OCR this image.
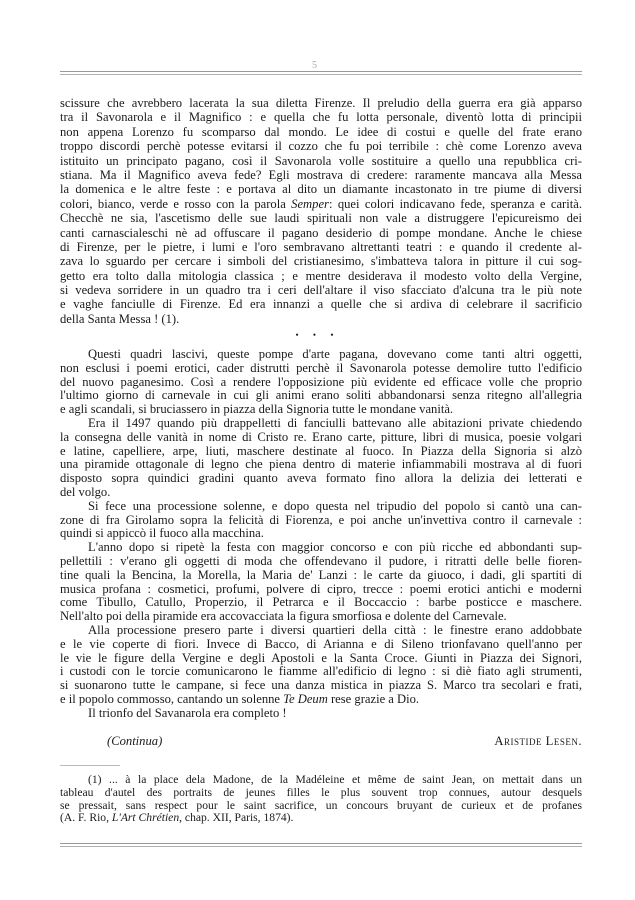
5
scissure che avrebbero lacerata la sua diletta Firenze. Il preludio della guerra era già apparso
tra il Savonarola e il Magnifico : e quella che fu lotta personale, diventò lotta di principii
non appena Lorenzo fu scomparso dal mondo. Le idee di costui e quelle del frate erano
troppo discordi perchè potesse evitarsi il cozzo che fu poi terribile : chè come Lorenzo aveva
istituito un principato pagano, così il Savonarola volle sostituire a quello una repubblica cri-
stiana. Ma il Magnifico aveva fede? Egli mostrava di credere: raramente mancava alla Messa
la domenica e le altre feste : e portava al dito un diamante incastonato in tre piume di diversi
colori, bianco, verde e rosso con la parola Semper: quei colori indicavano fede, speranza e carità.
Checchè ne sia, l'ascetismo delle sue laudi spirituali non vale a distruggere l'epicureismo dei
canti carnascialeschi nè ad offuscare il pagano desiderio di pompe mondane. Anche le chiese
di Firenze, per le pietre, i lumi e l'oro sembravano altrettanti teatri : e quando il credente al-
zava lo sguardo per cercare i simboli del cristianesimo, s'imbatteva talora in pitture il cui sog-
getto era tolto dalla mitologia classica ; e mentre desiderava il modesto volto della Vergine,
si vedeva sorridere in un quadro tra i ceri dell'altare il viso sfacciato d'alcuna tra le più note
e vaghe fanciulle di Firenze. Ed era innanzi a quelle che si ardiva di celebrare il sacrificio
della Santa Messa ! (1).
• • •
Questi quadri lascivi, queste pompe d'arte pagana, dovevano come tanti altri oggetti,
non esclusi i poemi erotici, cader distrutti perchè il Savonarola potesse demolire tutto l'edificio
del nuovo paganesimo. Così a rendere l'opposizione più evidente ed efficace volle che proprio
l'ultimo giorno di carnevale in cui gli animi erano soliti abbandonarsi senza ritegno all'allegria
e agli scandali, si bruciassero in piazza della Signoria tutte le mondane vanità.
Era il 1497 quando più drappelletti di fanciulli battevano alle abitazioni private chiedendo
la consegna delle vanità in nome di Cristo re. Erano carte, pitture, libri di musica, poesie volgari
e latine, capelliere, arpe, liuti, maschere destinate al fuoco. In Piazza della Signoria si alzò
una piramide ottagonale di legno che piena dentro di materie infiammabili mostrava al di fuori
disposto sopra quindici gradini quanto aveva formato fino allora la delizia dei letterati e
del volgo.
Si fece una processione solenne, e dopo questa nel tripudio del popolo si cantò una can-
zone di fra Girolamo sopra la felicità di Fiorenza, e poi anche un'invettiva contro il carnevale :
quindi si appiccò il fuoco alla macchina.
L'anno dopo si ripetè la festa con maggior concorso e con più ricche ed abbondanti sup-
pellettili : v'erano gli oggetti di moda che offendevano il pudore, i ritratti delle belle fioren-
tine quali la Bencina, la Morella, la Maria de' Lanzi : le carte da giuoco, i dadi, gli spartiti di
musica profana : cosmetici, profumi, polvere di cipro, trecce : poemi erotici antichi e moderni
come Tibullo, Catullo, Properzio, il Petrarca e il Boccaccio : barbe posticce e maschere.
Nell'alto poi della piramide era accovacciata la figura smorfiosa e dolente del Carnevale.
Alla processione presero parte i diversi quartieri della città : le finestre erano addobbate
e le vie coperte di fiori. Invece di Bacco, di Arianna e di Sileno trionfavano quell'anno per
le vie le figure della Vergine e degli Apostoli e la Santa Croce. Giunti in Piazza dei Signori,
i custodi con le torcie comunicarono le fiamme all'edificio di legno : si diè fiato agli strumenti,
si suonarono tutte le campane, si fece una danza mistica in piazza S. Marco tra secolari e frati,
e il popolo commosso, cantando un solenne Te Deum rese grazie a Dio.
Il trionfo del Savanarola era completo !
(Continua)	Aristide Lesen.
(1) ... à la place dela Madone, de la Madéleine et même de saint Jean, on mettait dans un
tableau d'autel des portraits de jeunes filles le plus souvent trop connues, autour desquels
se pressait, sans respect pour le saint sacrifice, un concours bruyant de curieux et de profanes
(A. F. Rio, L'Art Chrétien, chap. XII, Paris, 1874).
